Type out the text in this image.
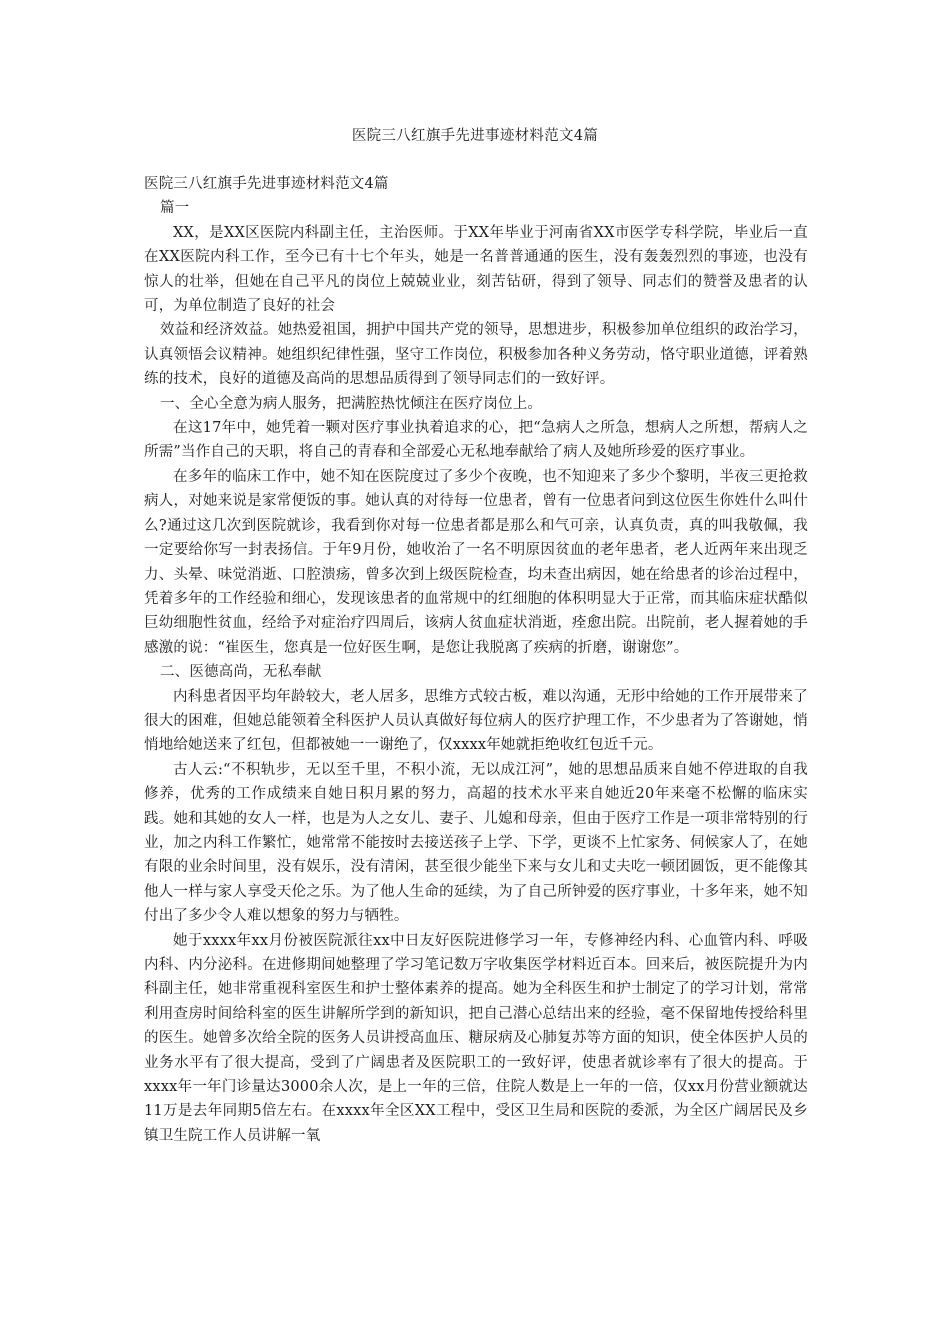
医院三八红旗手先进事迹材料范文4篇

医院三八红旗手先进事迹材料范文4篇

篇一

XX，是XX区医院内科副主任，主治医师。于XX年毕业于河南省XX市医学专科学院，毕业后一直在XX医院内科工作，至今已有十七个年头，她是一名普普通通的医生，没有轰轰烈烈的事迹，也没有惊人的壮举，但她在自己平凡的岗位上兢兢业业，刻苦钻研，得到了领导、同志们的赞誉及患者的认可，为单位制造了良好的社会

效益和经济效益。她热爱祖国，拥护中国共产党的领导，思想进步，积极参加单位组织的政治学习，认真领悟会议精神。她组织纪律性强，坚守工作岗位，积极参加各种义务劳动，恪守职业道德，评着熟练的技术，良好的道德及高尚的思想品质得到了领导同志们的一致好评。

一、全心全意为病人服务，把满腔热忱倾注在医疗岗位上。

在这17年中，她凭着一颗对医疗事业执着追求的心，把“急病人之所急，想病人之所想，帮病人之所需”当作自己的天职，将自己的青春和全部爱心无私地奉献给了病人及她所珍爱的医疗事业。

在多年的临床工作中，她不知在医院度过了多少个夜晚，也不知迎来了多少个黎明，半夜三更抢救病人，对她来说是家常便饭的事。她认真的对待每一位患者，曾有一位患者问到这位医生你姓什么叫什么?通过这几次到医院就诊，我看到你对每一位患者都是那么和气可亲，认真负责，真的叫我敬佩，我一定要给你写一封表扬信。于年9月份，她收治了一名不明原因贫血的老年患者，老人近两年来出现乏力、头晕、味觉消逝、口腔溃疡，曾多次到上级医院检查，均未查出病因，她在给患者的诊治过程中，凭着多年的工作经验和细心，发现该患者的血常规中的红细胞的体积明显大于正常，而其临床症状酷似巨幼细胞性贫血，经给予对症治疗四周后，该病人贫血症状消逝，痊愈出院。出院前，老人握着她的手感激的说：“崔医生，您真是一位好医生啊，是您让我脱离了疾病的折磨，谢谢您”。

二、医德高尚，无私奉献

内科患者因平均年龄较大，老人居多，思维方式较古板，难以沟通，无形中给她的工作开展带来了很大的困难，但她总能领着全科医护人员认真做好每位病人的医疗护理工作，不少患者为了答谢她，悄悄地给她送来了红包，但都被她一一谢绝了，仅xxxx年她就拒绝收红包近千元。

古人云:“不积轨步，无以至千里，不积小流，无以成江河”，她的思想品质来自她不停进取的自我修养，优秀的工作成绩来自她日积月累的努力，高超的技术水平来自她近20年来毫不松懈的临床实践。她和其她的女人一样，也是为人之女儿、妻子、儿媳和母亲，但由于医疗工作是一项非常特别的行业，加之内科工作繁忙，她常常不能按时去接送孩子上学、下学，更谈不上忙家务、伺候家人了，在她有限的业余时间里，没有娱乐，没有清闲，甚至很少能坐下来与女儿和丈夫吃一顿团圆饭，更不能像其他人一样与家人享受天伦之乐。为了他人生命的延续，为了自己所钟爱的医疗事业，十多年来，她不知付出了多少令人难以想象的努力与牺牲。

她于xxxx年xx月份被医院派往xx中日友好医院进修学习一年，专修神经内科、心血管内科、呼吸内科、内分泌科。在进修期间她整理了学习笔记数万字收集医学材料近百本。回来后，被医院提升为内科副主任，她非常重视科室医生和护士整体素养的提高。她为全科医生和护士制定了的学习计划，常常利用查房时间给科室的医生讲解所学到的新知识，把自己潜心总结出来的经验，毫不保留地传授给科里的医生。她曾多次给全院的医务人员讲授高血压、糖尿病及心肺复苏等方面的知识，使全体医护人员的业务水平有了很大提高，受到了广阔患者及医院职工的一致好评，使患者就诊率有了很大的提高。于xxxx年一年门诊量达3000余人次，是上一年的三倍，住院人数是上一年的一倍，仅xx月份营业额就达11万是去年同期5倍左右。在xxxx年全区XX工程中，受区卫生局和医院的委派，为全区广阔居民及乡镇卫生院工作人员讲解一氧
